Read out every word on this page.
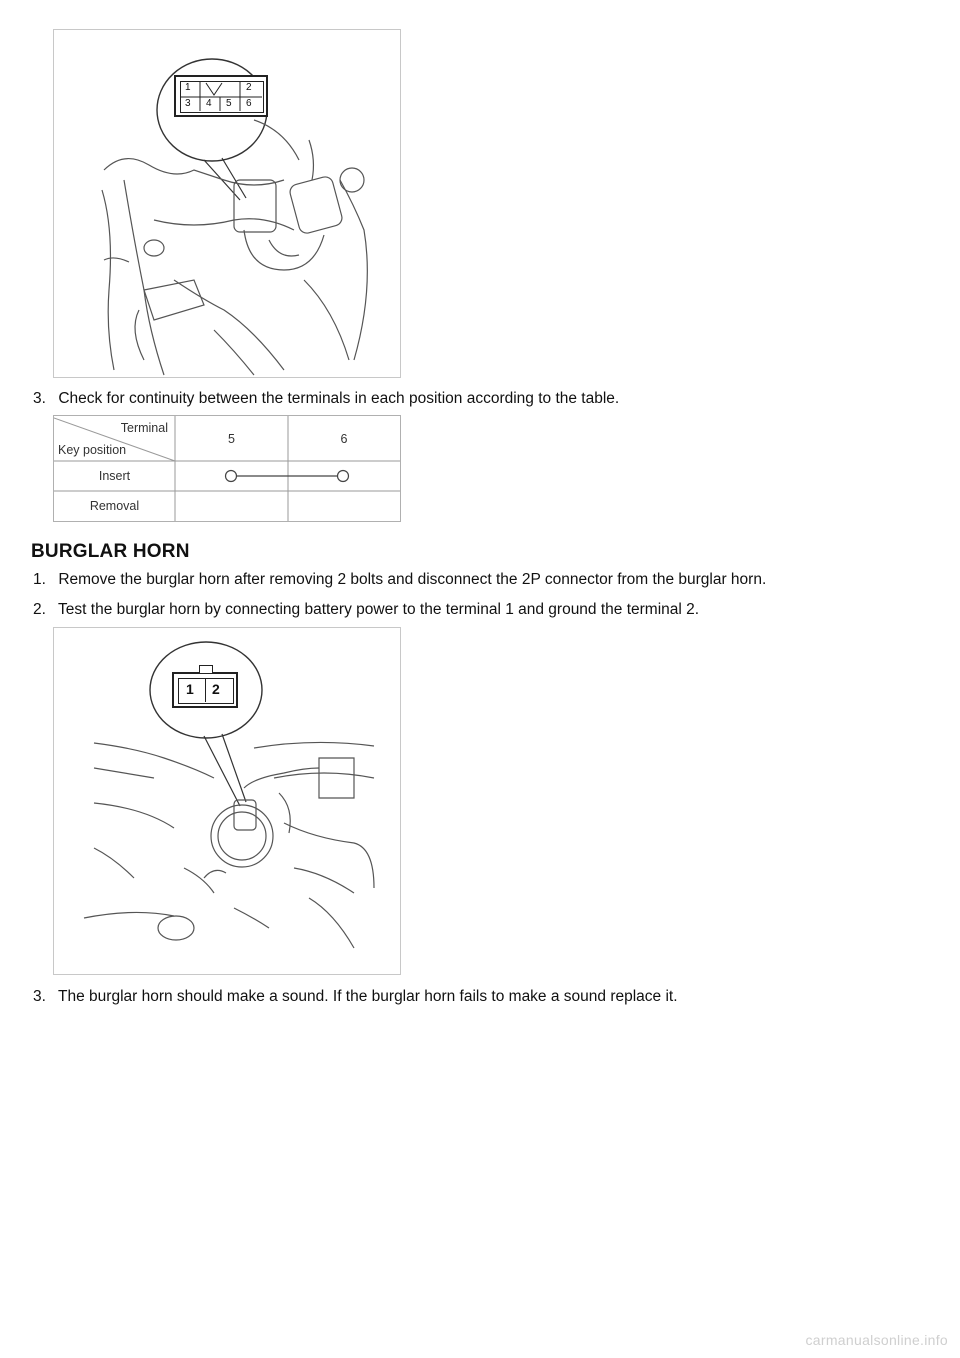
1	2
3 4 5 6
3. Check for continuity between the terminals in each position according to the table.
Terminal
Key position
5	6
Insert
Removal
BURGLAR HORN
1. Remove the burglar horn after removing 2 bolts and disconnect the 2P connector from the burglar horn.
2. Test the burglar horn by connecting battery power to the terminal 1 and ground the terminal 2.
1 2
3. The burglar horn should make a sound. If the burglar horn fails to make a sound replace it.
carmanualsonline.info
